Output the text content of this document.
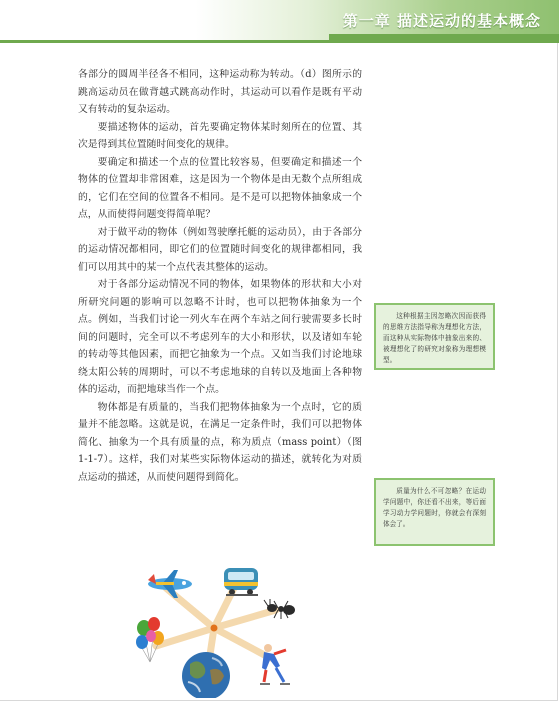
第一章 描述运动的基本概念

各部分的圆周半径各不相同，这种运动称为转动。（d）图所示的跳高运动员在做背越式跳高动作时，其运动可以看作是既有平动又有转动的复杂运动。

要描述物体的运动，首先要确定物体某时刻所在的位置、其次是得到其位置随时间变化的规律。

要确定和描述一个点的位置比较容易，但要确定和描述一个物体的位置却非常困难，这是因为一个物体是由无数个点所组成的，它们在空间的位置各不相同。是不是可以把物体抽象成一个点，从而使得问题变得简单呢？

对于做平动的物体（例如驾驶摩托艇的运动员），由于各部分的运动情况都相同，即它们的位置随时间变化的规律都相同，我们可以用其中的某一个点代表其整体的运动。

对于各部分运动情况不同的物体，如果物体的形状和大小对所研究问题的影响可以忽略不计时，也可以把物体抽象为一个点。例如，当我们讨论一列火车在两个车站之间行驶需要多长时间的问题时，完全可以不考虑列车的大小和形状，以及诸如车轮的转动等其他因素，而把它抽象为一个点。又如当我们讨论地球绕太阳公转的周期时，可以不考虑地球的自转以及地面上各种物体的运动，而把地球当作一个点。

物体都是有质量的，当我们把物体抽象为一个点时，它的质量并不能忽略。这就是说，在满足一定条件时，我们可以把物体简化、抽象为一个具有质量的点，称为质点（mass point）（图 1-1-7）。这样，我们对某些实际物体运动的描述，就转化为对质点运动的描述，从而使问题得到简化。

这种根据主因忽略次因而获得的思维方法指导称为理想化方法，而这种从实际物体中抽象出来的、被理想化了的研究对象称为理想模型。

质量为什么不可忽略？在运动学问题中，你还看不出来，等后面学习动力学问题时，你就会有深刻体会了。
